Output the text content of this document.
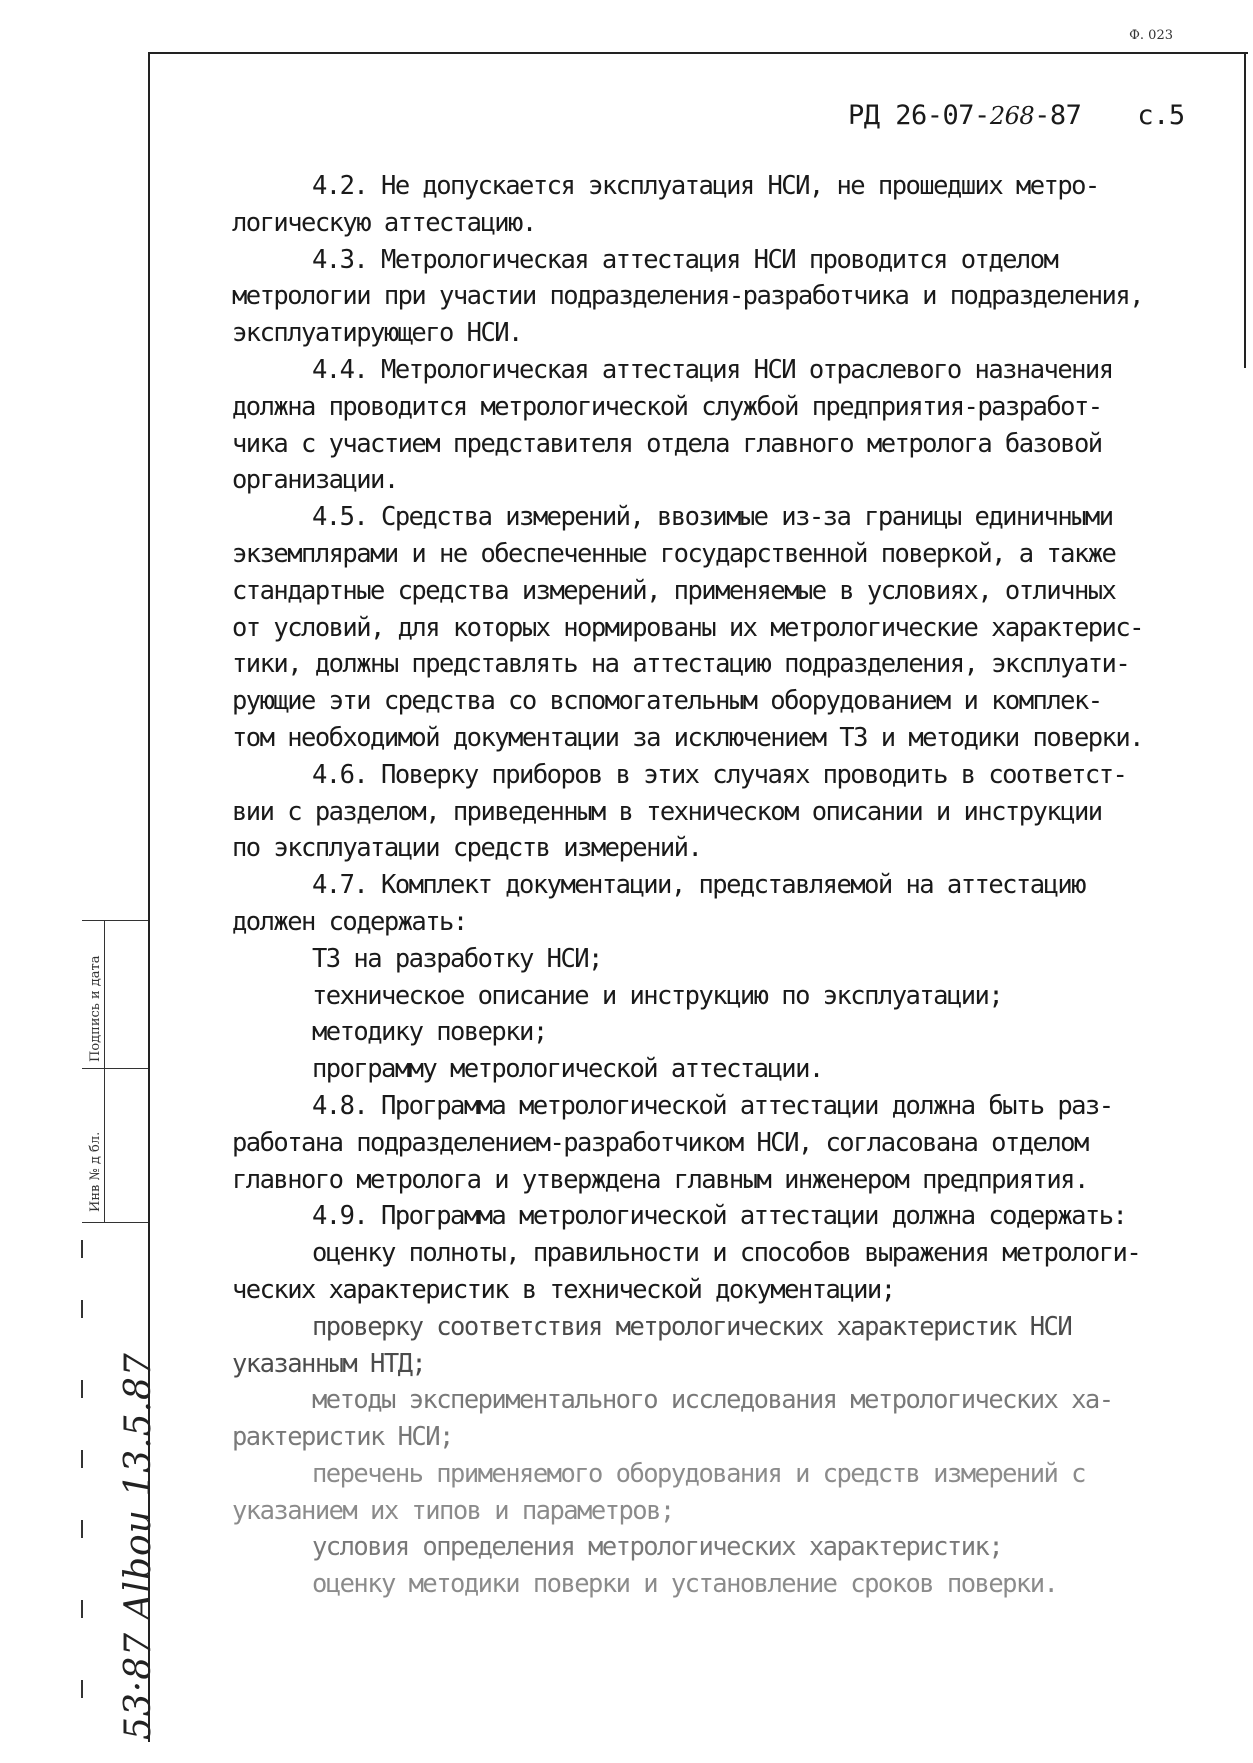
Ф. 023
РД 26-07-268-87 с.5
4.2. Не допускается эксплуатация НСИ, не прошедших метро-
логическую аттестацию.
4.3. Метрологическая аттестация НСИ проводится отделом
метрологии при участии подразделения-разработчика и подразделения,
эксплуатирующего НСИ.
4.4. Метрологическая аттестация НСИ отраслевого назначения
должна проводится метрологической службой предприятия-разработ-
чика с участием представителя отдела главного метролога базовой
организации.
4.5. Средства измерений, ввозимые из-за границы единичными
экземплярами и не обеспеченные государственной поверкой, а также
стандартные средства измерений, применяемые в условиях, отличных
от условий, для которых нормированы их метрологические характерис-
тики, должны представлять на аттестацию подразделения, эксплуати-
рующие эти средства со вспомогательным оборудованием и комплек-
том необходимой документации за исключением ТЗ и методики поверки.
4.6. Поверку приборов в этих случаях проводить в соответст-
вии с разделом, приведенным в техническом описании и инструкции
по эксплуатации средств измерений.
4.7. Комплект документации, представляемой на аттестацию
должен содержать:
ТЗ на разработку НСИ;
техническое описание и инструкцию по эксплуатации;
методику поверки;
программу метрологической аттестации.
4.8. Программа метрологической аттестации должна быть раз-
работана подразделением-разработчиком НСИ, согласована отделом
главного метролога и утверждена главным инженером предприятия.
4.9. Программа метрологической аттестации должна содержать:
оценку полноты, правильности и способов выражения метрологи-
ческих характеристик в технической документации;
проверку соответствия метрологических характеристик НСИ
указанным НТД;
методы экспериментального исследования метрологических ха-
рактеристик НСИ;
перечень применяемого оборудования и средств измерений с
указанием их типов и параметров;
условия определения метрологических характеристик;
оценку методики поверки и установление сроков поверки.
Подпись и дата
Инв № д бл.
53·87 Albou 13.5.87
